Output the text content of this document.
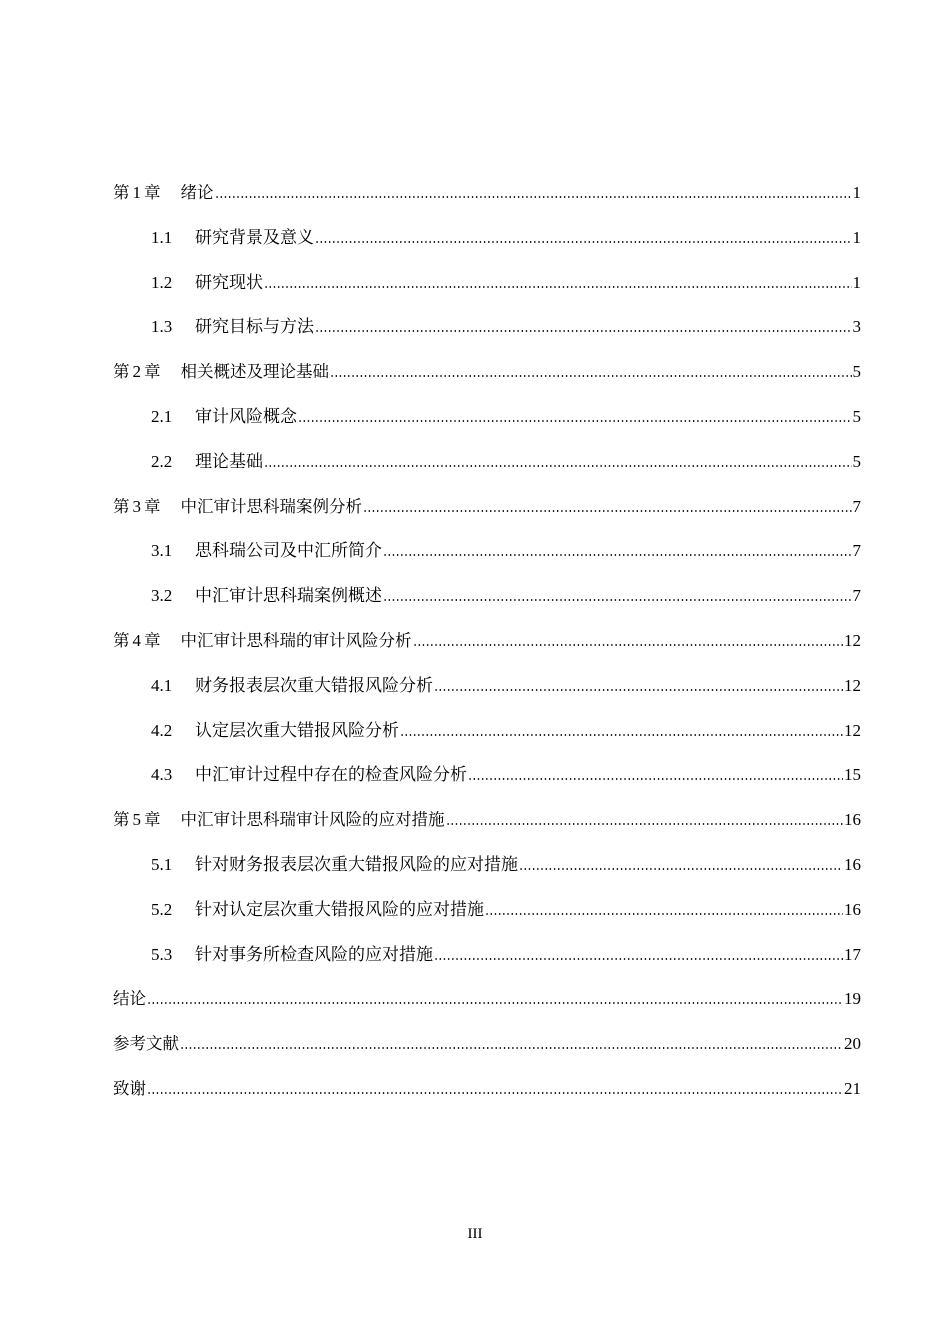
第 1 章 绪论	1
1.1	研究背景及意义	1
1.2	研究现状	1
1.3	研究目标与方法	3
第 2 章 相关概述及理论基础	5
2.1	审计风险概念	5
2.2	理论基础	5
第 3 章 中汇审计思科瑞案例分析	7
3.1	思科瑞公司及中汇所简介	7
3.2	中汇审计思科瑞案例概述	7
第 4 章 中汇审计思科瑞的审计风险分析	12
4.1	财务报表层次重大错报风险分析	12
4.2	认定层次重大错报风险分析	12
4.3	中汇审计过程中存在的检查风险分析	15
第 5 章 中汇审计思科瑞审计风险的应对措施	16
5.1	针对财务报表层次重大错报风险的应对措施	16
5.2	针对认定层次重大错报风险的应对措施	16
5.3	针对事务所检查风险的应对措施	17
结论	19
参考文献	20
致谢	21
III
